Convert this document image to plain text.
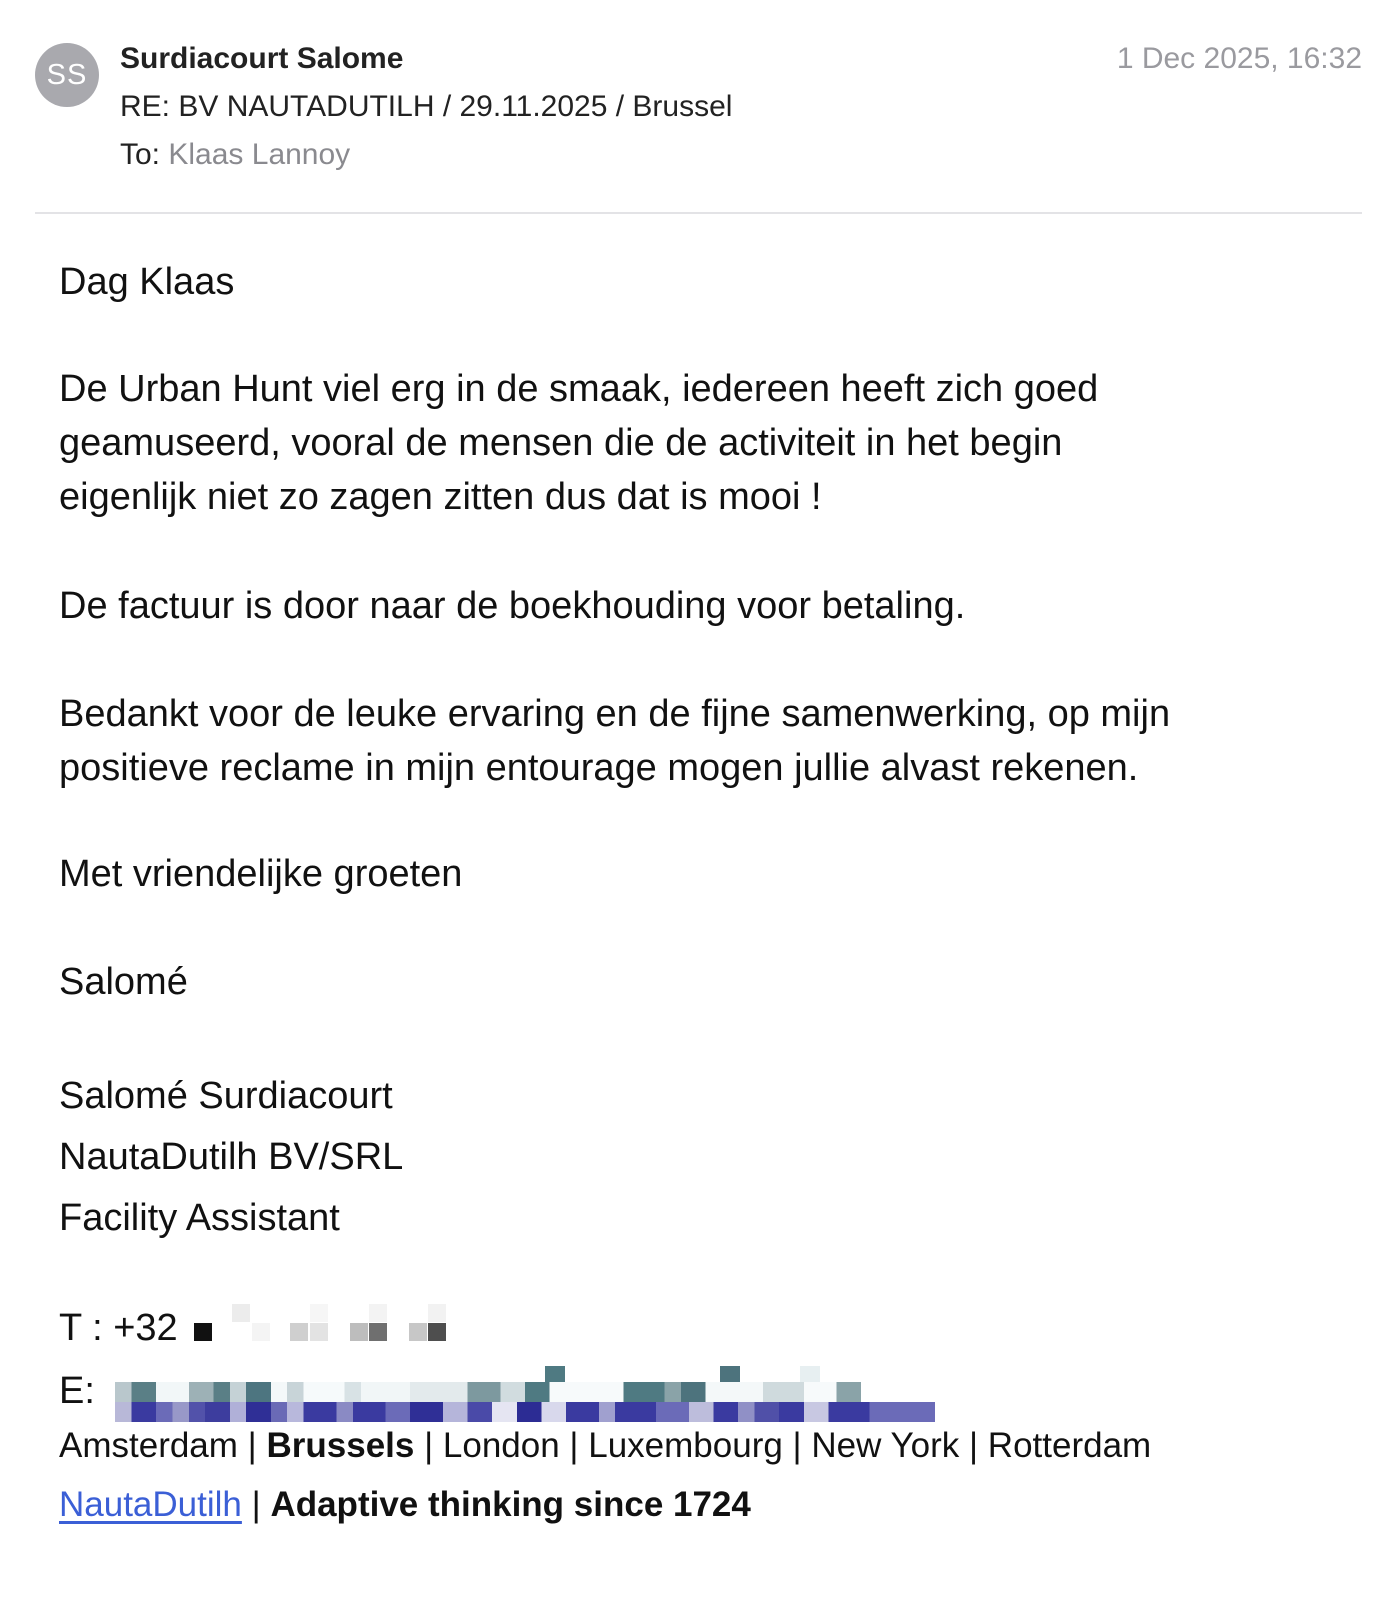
SS Surdiacourt Salome	1 Dec 2025, 16:32
RE: BV NAUTADUTILH / 29.11.2025 / Brussel
To: Klaas Lannoy
Dag Klaas
De Urban Hunt viel erg in de smaak, iedereen heeft zich goed
geamuseerd, vooral de mensen die de activiteit in het begin
eigenlijk niet zo zagen zitten dus dat is mooi !
De factuur is door naar de boekhouding voor betaling.
Bedankt voor de leuke ervaring en de fijne samenwerking, op mijn
positieve reclame in mijn entourage mogen jullie alvast rekenen.
Met vriendelijke groeten
Salomé
Salomé Surdiacourt
NautaDutilh BV/SRL
Facility Assistant
T : +32
E:
Amsterdam | Brussels | London | Luxembourg | New York | Rotterdam
NautaDutilh | Adaptive thinking since 1724
